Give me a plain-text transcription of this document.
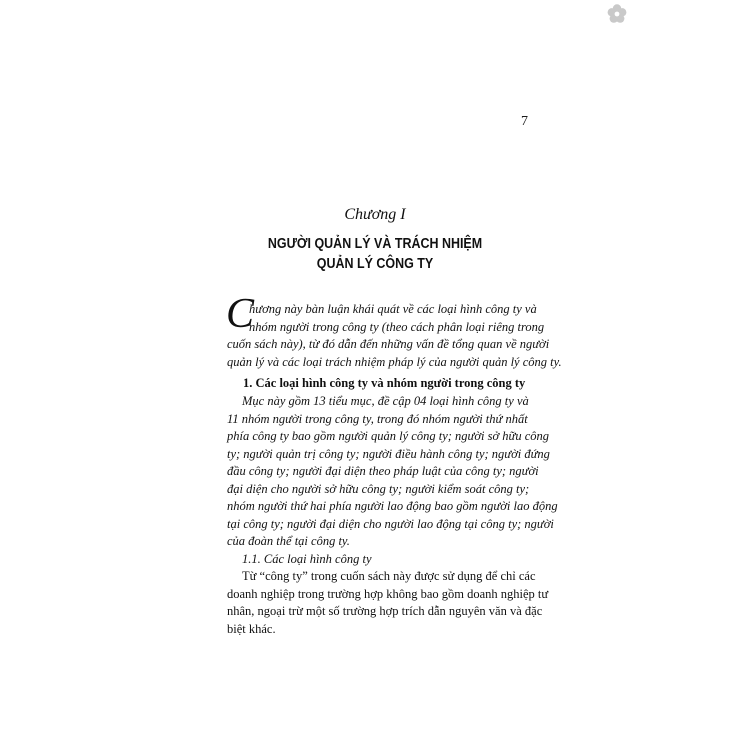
7
Chương I
NGƯỜI QUẢN LÝ VÀ TRÁCH NHIỆM
QUẢN LÝ CÔNG TY
C
hương này bàn luận khái quát về các loại hình công ty và
nhóm người trong công ty (theo cách phân loại riêng trong
cuốn sách này), từ đó dẫn đến những vấn đề tổng quan về người
quản lý và các loại trách nhiệm pháp lý của người quản lý công ty.
1. Các loại hình công ty và nhóm người trong công ty
Mục này gồm 13 tiểu mục, đề cập 04 loại hình công ty và
11 nhóm người trong công ty, trong đó nhóm người thứ nhất
phía công ty bao gồm người quản lý công ty; người sở hữu công
ty; người quản trị công ty; người điều hành công ty; người đứng
đầu công ty; người đại diện theo pháp luật của công ty; người
đại diện cho người sở hữu công ty; người kiểm soát công ty;
nhóm người thứ hai phía người lao động bao gồm người lao động
tại công ty; người đại diện cho người lao động tại công ty; người
của đoàn thể tại công ty.
1.1. Các loại hình công ty
Từ “công ty” trong cuốn sách này được sử dụng để chỉ các
doanh nghiệp trong trường hợp không bao gồm doanh nghiệp tư
nhân, ngoại trừ một số trường hợp trích dẫn nguyên văn và đặc
biệt khác.
